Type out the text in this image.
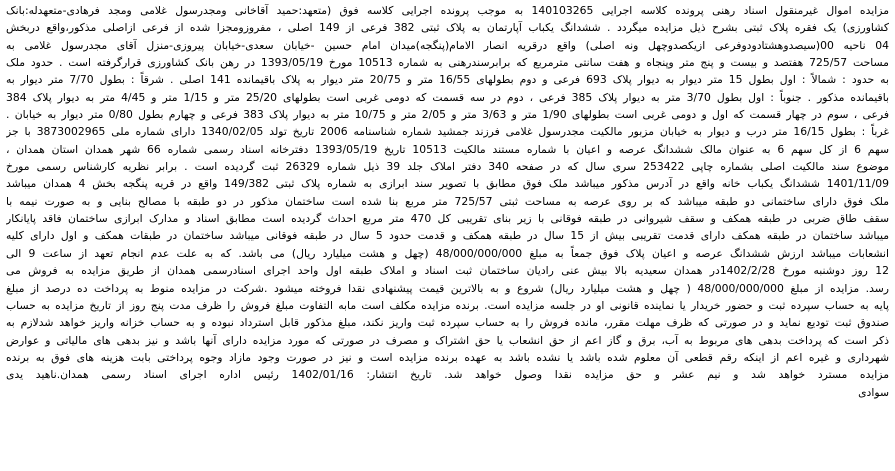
مزایده اموال غیرمنقول اسناد رهنی پرونده کلاسه اجرایی 140103265 به موجب پرونده اجرایی کلاسه فوق (متعهد:حمید آقاخانی ومجدرسول غلامی ومجد فرهادی-متعهدله:بانک
کشاورزی) یک فقره پلاک ثبتی بشرح ذیل مزایده میگردد . ششدانگ یکباب آپارتمان به پلاک ثبتی 382 فرعی از 149 اصلی ، مفروزومجزا شده از فرعی ازاصلی مذکور،واقع دربخش
04 ناحیه 00(سیصدوهشتادودوفرعی ازیکصدوچهل ونه اصلی) واقع درقریه انصار الامام(پنگجه)میدان امام حسین -خیابان سعدی-خیابان پیروزی-منزل آقای مجدرسول غلامی به
مساحت 725/57 هفتصد و بیست و پنج متر وپنجاه و هفت سانتی مترمربع که برابرسندرهنی به شماره 10513 مورخ 1393/05/19 در رهن بانک کشاورزی قرارگرفته است . حدود ملک
به حدود : شمالاً : اول بطول 15 متر دیوار به دیوار پلاک 693 فرعی و دوم بطولهای 16/55 متر و 20/75 متر دیوار به پلاک باقیمانده 141 اصلی . شرقاً : بطول 7/70 متر دیوار به
باقیمانده مذکور . جنوباً : اول بطول 3/70 متر به دیوار پلاک 385 فرعی ، دوم در سه قسمت که دومی غربی است بطولهای 25/20 متر و 1/15 متر و 4/45 متر به دیوار پلاک 384
فرعی ، سوم در چهار قسمت که اول و دومی غربی است بطولهای 1/90 متر و 3/63 متر و 2/05 متر و 10/75 متر به دیوار پلاک 383 فرعی و چهارم بطول 0/80 متر دیوار به خیابان .
غرباً : بطول 16/15 متر درب و دیوار به خیابان مزبور مالکیت مجدرسول غلامی فرزند جمشید شماره شناسنامه 2006 تاریخ تولد 1340/02/05 دارای شماره ملی 3873002965 با جز
سهم 6 از کل سهم 6 به عنوان مالک ششدانگ عرصه و اعیان با شماره مستند مالکیت 10513 تاریخ 1393/05/19 دفترخانه اسناد رسمی شماره 66 شهر همدان استان همدان ،
موضوع سند مالکیت اصلی بشماره چاپی 253422 سری سال که در صفحه 340 دفتر املاک جلد 39 ذیل شماره 26329 ثبت گردیده است . برابر نظریه کارشناس رسمی مورخ
1401/11/09 ششدانگ یکباب خانه واقع در آدرس مذکور میباشد ملک فوق مطابق با تصویر سند ابرازی به شماره پلاک ثبتی 149/382 واقع در قریه پنگجه بخش 4 همدان میباشد
ملک فوق دارای ساختمانی دو طبقه میباشد که بر روی عرصه به مساحت ثبتی 725/57 متر مربع بنا شده است ساختمان مذکور در دو طبقه با مصالح بنایی و به صورت نیمه با
سقف طاق ضربی در طبقه همکف و سقف شیروانی در طبقه فوقانی با زیر بنای تقریبی کل 470 متر مربع احداث گردیده است مطابق اسناد و مدارک ابرازی ساختمان فاقد پایانکار
میباشد ساختمان در طبقه همکف دارای قدمت تقریبی بیش از 15 سال در طبقه همکف و قدمت حدود 5 سال در طبقه فوقانی میباشد ساختمان در طبقات همکف و اول دارای کلیه
انشعابات میباشد ارزش ششدانگ عرصه و اعیان پلاک فوق جمعاً به مبلغ 48/000/000/000 (چهل و هشت میلیارد ریال) می باشد. که به علت عدم انجام تعهد از ساعت 9 الی
12 روز دوشنبه مورخ 1402/2/28در همدان سعیدیه بالا بیش عنی رادیان ساختمان ثبت اسناد و املاک طبقه اول واحد اجرای اسنادرسمی همدان از طریق مزایده به فروش می
رسد. مزایده از مبلغ 48/000/000/000 ( چهل و هشت میلیارد ریال) شروع و به بالاترین قیمت پیشنهادی نقدا فروخته میشود .شرکت در مزایده منوط به پرداخت ده درصد از مبلغ
پایه به حساب سپرده ثبت و حضور خریدار یا نماینده قانونی او در جلسه مزایده است. برنده مزایده مکلف است مابه التفاوت مبلغ فروش را ظرف مدت پنج روز از تاریخ مزایده به حساب
صندوق ثبت تودیع نماید و در صورتی که ظرف مهلت مقرر، مانده فروش را به حساب سپرده ثبت واریز نکند، مبلغ مذکور قابل استرداد نبوده و به حساب خزانه واریز خواهد شدلازم به
ذکر است که پرداخت بدهی های مربوط به آب، برق و گاز اعم از حق انشعاب یا حق اشتراک و مصرف در صورتی که مورد مزایده دارای آنها باشد و نیز بدهی های مالیاتی و عوارض
شهرداری و غیره اعم از اینکه رقم قطعی آن معلوم شده باشد یا نشده باشد به عهده برنده مزایده است و نیز در صورت وجود مازاد وجوه پرداختی بابت هزینه های فوق به برنده
مزایده مسترد خواهد شد و نیم عشر و حق مزایده نقدا وصول خواهد شد. تاریخ انتشار: 1402/01/16 رئیس اداره اجرای اسناد رسمی همدان.ناهید یدی
سوادی
